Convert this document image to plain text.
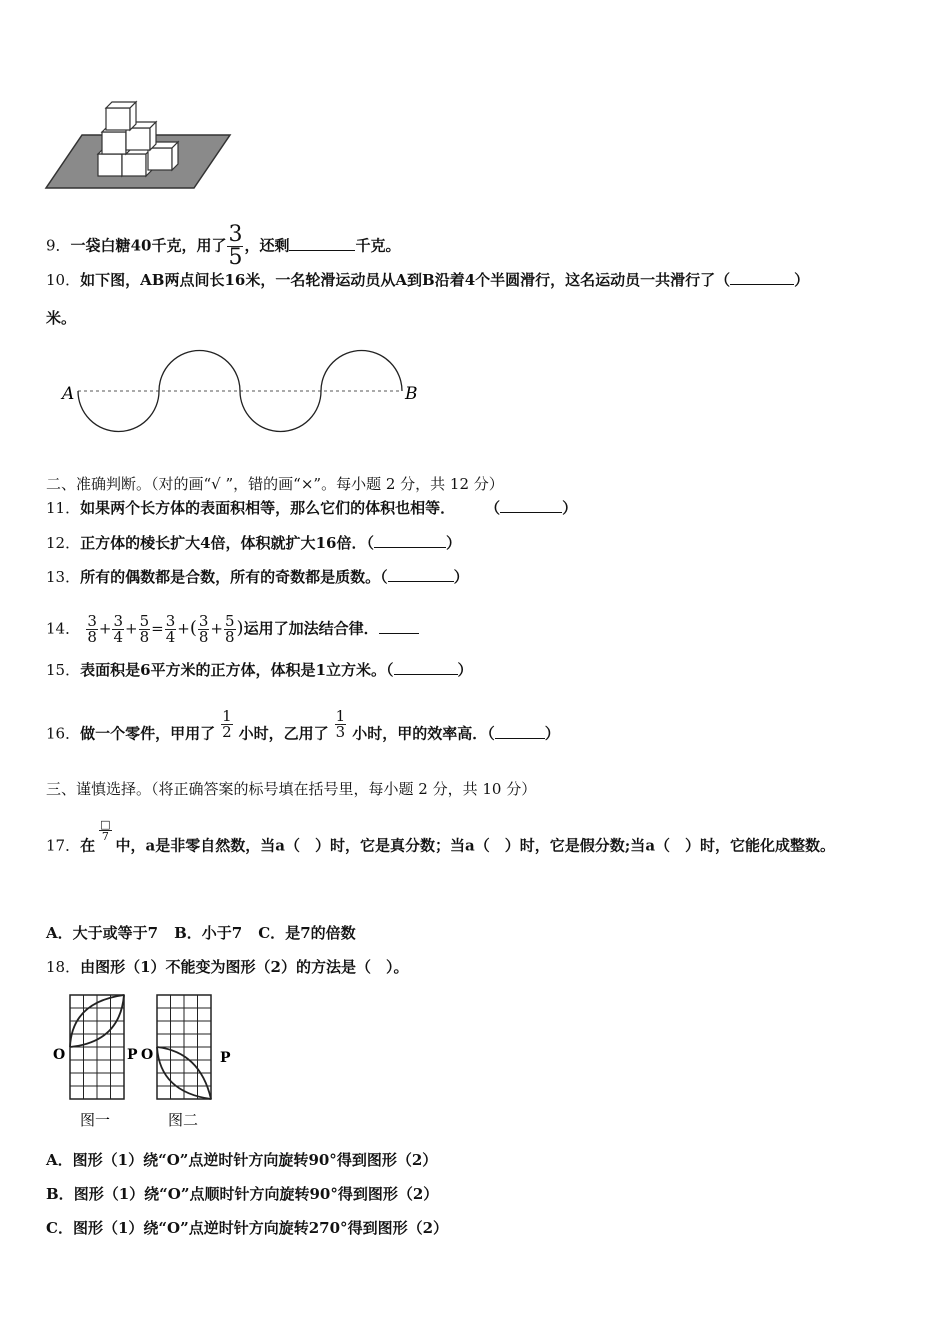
9．一袋白糖40千克，用了 $\frac{3}{5}$ ，还剩	千克。
10．如下图，AB两点间长16米，一名轮滑运动员从A到B沿着4个半圆滑行，这名运动员一共滑行了（	）
米。
A	B
二、准确判断。（对的画“√ ”，错的画“×”。每小题 2 分，共 12 分）
11．如果两个长方体的表面积相等，那么它们的体积也相等． （	）
12．正方体的棱长扩大4倍，体积就扩大16倍．（	）
13．所有的偶数都是合数，所有的奇数都是质数。（	）
14． $\frac{3}{8} + \frac{3}{4} + \frac{5}{8} = \frac{3}{4}$ +( $\frac{3}{8} + \frac{5}{8}$ )运用了加法结合律．
15．表面积是6平方米的正方体，体积是1立方米。（	）
16．做一个零件，甲用了 $\frac{1}{2}$ 小时，乙用了 $\frac{1}{3}$ 小时，甲的效率高．（	）
三、谨慎选择。（将正确答案的标号填在括号里，每小题 2 分，共 10 分）
17．在
$\frac{□}{7}$
中，a是非零自然数，当a（　）时，它是真分数；当a（　）时，它是假分数;当a（　）时，它能化成整数。
A．大于或等于7 B．小于7 C．是7的倍数
18．由图形（1）不能变为图形（2）的方法是（　）。
O	P O	P
图一	图二
A．图形（1）绕“O”点逆时针方向旋转90°得到图形（2）
B．图形（1）绕“O”点顺时针方向旋转90°得到图形（2）
C．图形（1）绕“O”点逆时针方向旋转270°得到图形（2）
